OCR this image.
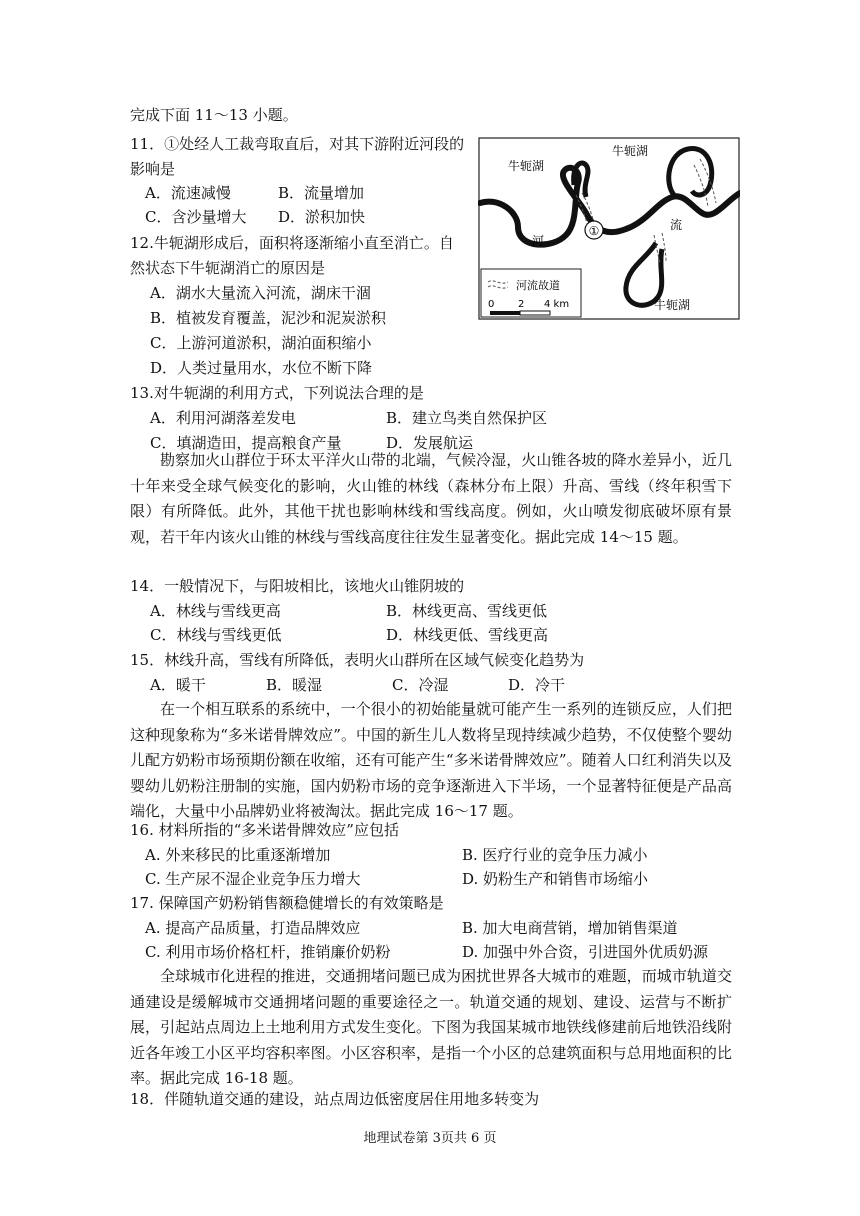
完成下面 11～13 小题。
11．①处经人工裁弯取直后，对其下游附近河段的
影响是
A．流速减慢	B．流量增加
C．含沙量增大 D．淤积加快
12.牛轭湖形成后，面积将逐渐缩小直至消亡。自
然状态下牛轭湖消亡的原因是
A．湖水大量流入河流，湖床干涸
B．植被发育覆盖，泥沙和泥炭淤积
C．上游河道淤积，湖泊面积缩小
D．人类过量用水，水位不断下降
13.对牛轭湖的利用方式，下列说法合理的是
A．利用河湖落差发电	B．建立鸟类自然保护区
C．填湖造田，提高粮食产量	D．发展航运
①
牛轭湖
牛轭湖
牛轭湖
河
流
河流故道
0 2 4 km
勘察加火山群位于环太平洋火山带的北端，气候冷湿，火山锥各坡的降水差异小，近几十年来受全球气候变化的影响，火山锥的林线（森林分布上限）升高、雪线（终年积雪下限）有所降低。此外，其他干扰也影响林线和雪线高度。例如，火山喷发彻底破坏原有景观，若干年内该火山锥的林线与雪线高度往往发生显著变化。据此完成 14～15 题。
14．一般情况下，与阳坡相比，该地火山锥阴坡的
A．林线与雪线更高	B．林线更高、雪线更低
C．林线与雪线更低	D．林线更低、雪线更高
15．林线升高，雪线有所降低，表明火山群所在区域气候变化趋势为
A．暖干	B．暖湿	C．冷湿	D．冷干
在一个相互联系的系统中，一个很小的初始能量就可能产生一系列的连锁反应，人们把这种现象称为“多米诺骨牌效应”。中国的新生儿人数将呈现持续减少趋势，不仅使整个婴幼儿配方奶粉市场预期份额在收缩，还有可能产生“多米诺骨牌效应”。随着人口红利消失以及婴幼儿奶粉注册制的实施，国内奶粉市场的竞争逐渐进入下半场，一个显著特征便是产品高端化，大量中小品牌奶业将被淘汰。据此完成 16～17 题。
16. 材料所指的“多米诺骨牌效应”应包括
A. 外来移民的比重逐渐增加	B. 医疗行业的竞争压力减小
C. 生产尿不湿企业竞争压力增大	D. 奶粉生产和销售市场缩小
17. 保障国产奶粉销售额稳健增长的有效策略是
A. 提高产品质量，打造品牌效应	B. 加大电商营销，增加销售渠道
C. 利用市场价格杠杆，推销廉价奶粉	D. 加强中外合资，引进国外优质奶源
全球城市化进程的推进，交通拥堵问题已成为困扰世界各大城市的难题，而城市轨道交通建设是缓解城市交通拥堵问题的重要途径之一。轨道交通的规划、建设、运营与不断扩展，引起站点周边上土地利用方式发生变化。下图为我国某城市地铁线修建前后地铁沿线附近各年竣工小区平均容积率图。小区容积率，是指一个小区的总建筑面积与总用地面积的比率。据此完成 16-18 题。
18．伴随轨道交通的建设，站点周边低密度居住用地多转变为
地理试卷第 3页共 6 页
